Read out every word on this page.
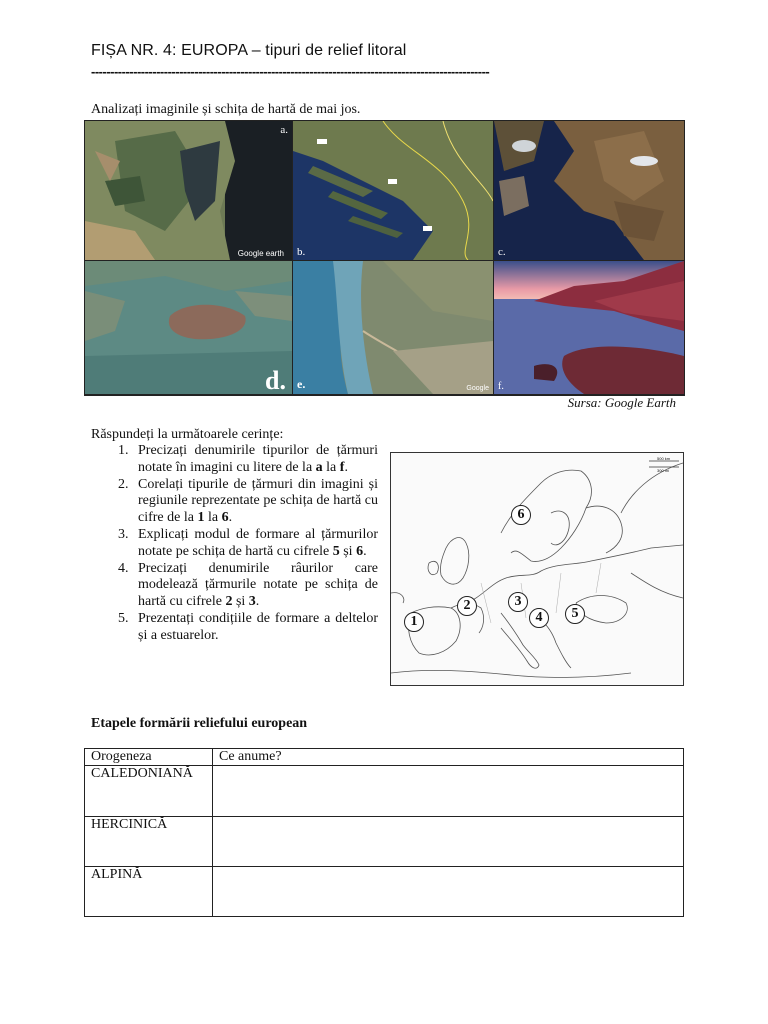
FIȘA NR. 4: EUROPA – tipuri de relief litoral
--------------------------------------------------------------------------------------------------------
Analizați imaginile și schița de hartă de mai jos.
a.
Google earth b.	c.
d. e.	Google f.
Sursa: Google Earth
Răspundeți la următoarele cerințe:
1. Precizați denumirile tipurilor de țărmuri notate în imagini cu litere de la a la f.
2. Corelați tipurile de țărmuri din imagini și regiunile reprezentate pe schița de hartă cu cifre de la 1 la 6.
3. Explicați modul de formare al țărmurilor notate pe schița de hartă cu cifrele 5 și 6.
4. Precizați denumirile râurilor care modelează țărmurile notate pe schița de hartă cu cifrele 2 și 3.
5. Prezentați condițiile de formare a deltelor și a estuarelor.
500 km
300 mi
1
2	3
4	5
6
Etapele formării reliefului european
Orogeneza	Ce anume?
CALEDONIANĂ	
HERCINICĂ	
ALPINĂ	
